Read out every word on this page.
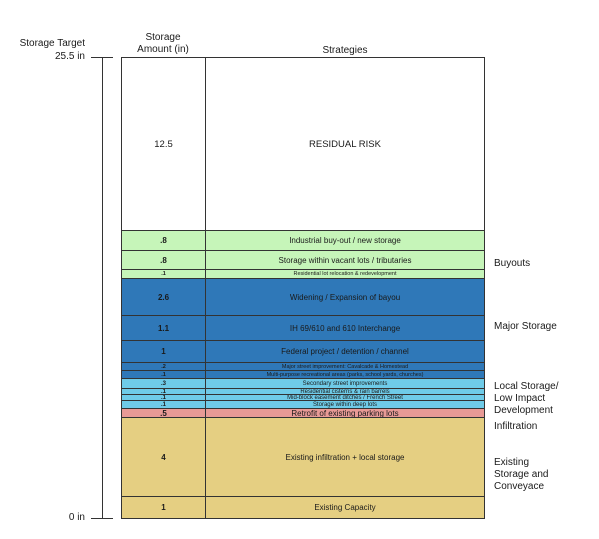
Storage Target
25.5 in
0 in
Storage
Amount (in)	Strategies
12.5	RESIDUAL RISK
.8	Industrial buy-out / new storage
.8	Storage within vacant lots / tributaries
.1	Residential lot relocation & redevelopment
2.6	Widening / Expansion of bayou
1.1	IH 69/610 and 610 Interchange
1	Federal project / detention / channel
.2	Major street improvement: Cavalcade & Homestead
.1	Multi-purpose recreational areas (parks, school yards, churches)
.3	Secondary street improvements
.1	Residential cisterns & rain barrels
.1	Mid-block easement ditches / French Street
.1	Storage within deep lots
.5	Retrofit of existing parking lots
4	Existing infiltration + local storage
1	Existing Capacity
Buyouts
Major Storage
Local Storage/
Low Impact
Development
Infiltration
Existing
Storage and
Conveyace
